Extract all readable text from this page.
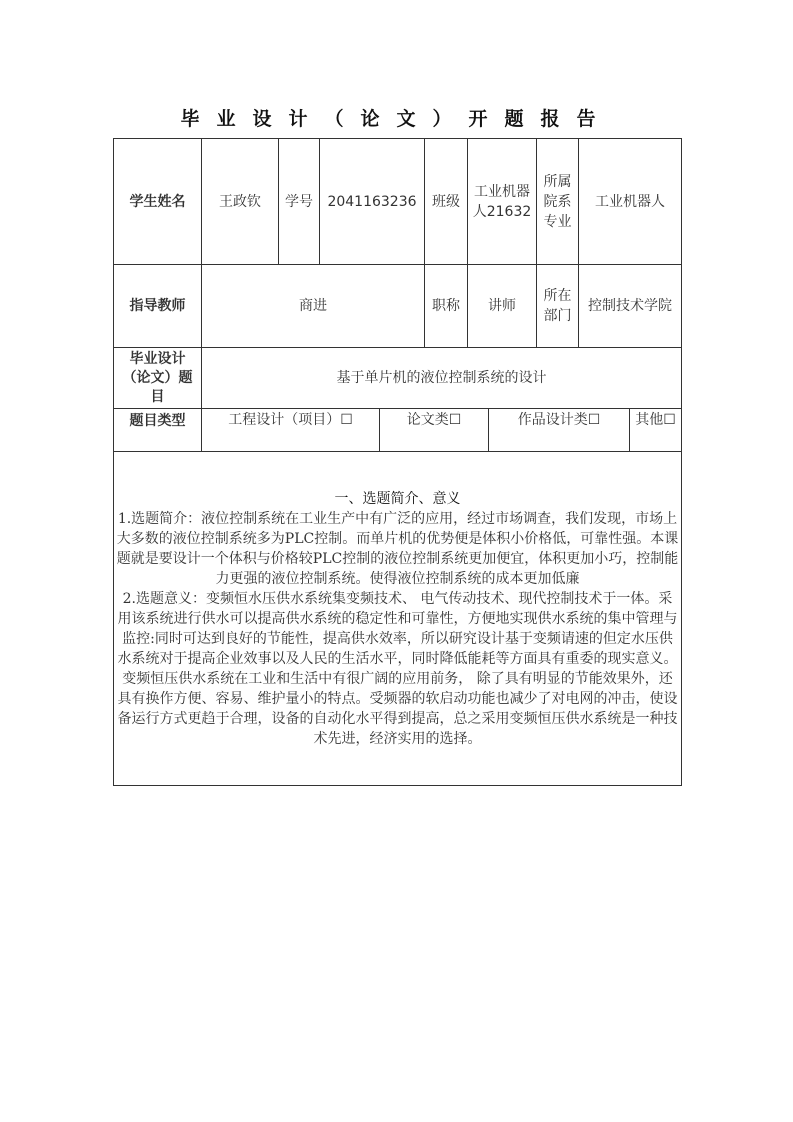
毕业设计（论文）开题报告
学生姓名	王政钦	学号	2041163236	班级	工业机器人21632	所属院系专业	工业机器人
指导教师	商进			职称	讲师	所在部门	控制技术学院
毕业设计（论文）题目	基于单片机的液位控制系统的设计						
题目类型	工程设计（项目）☐ 论文类☐ 作品设计类☐ 其他☐						

一、选题简介、意义
1.选题简介：液位控制系统在工业生产中有广泛的应用，经过市场调查，我们发现，市场上大多数的液位控制系统多为PLC控制。而单片机的优势便是体积小价格低，可靠性强。本课题就是要设计一个体积与价格较PLC控制的液位控制系统更加便宜，体积更加小巧，控制能力更强的液位控制系统。使得液位控制系统的成本更加低廉
2.选题意义：变频恒水压供水系统集变频技术、 电气传动技术、现代控制技术于一体。采用该系统进行供水可以提高供水系统的稳定性和可靠性，方便地实现供水系统的集中管理与监控:同时可达到良好的节能性，提高供水效率，所以研究设计基于变频请速的但定水压供水系统对于提高企业效事以及人民的生活水平，同时降低能耗等方面具有重委的现实意义。 变频恒压供水系统在工业和生活中有很广阔的应用前务， 除了具有明显的节能效果外，还具有换作方便、容易、维护量小的特点。受频器的软启动功能也减少了对电网的冲击，使设备运行方式更趋于合理，设备的自动化水平得到提高，总之采用变频恒压供水系统是一种技术先进，经济实用的选择。							
